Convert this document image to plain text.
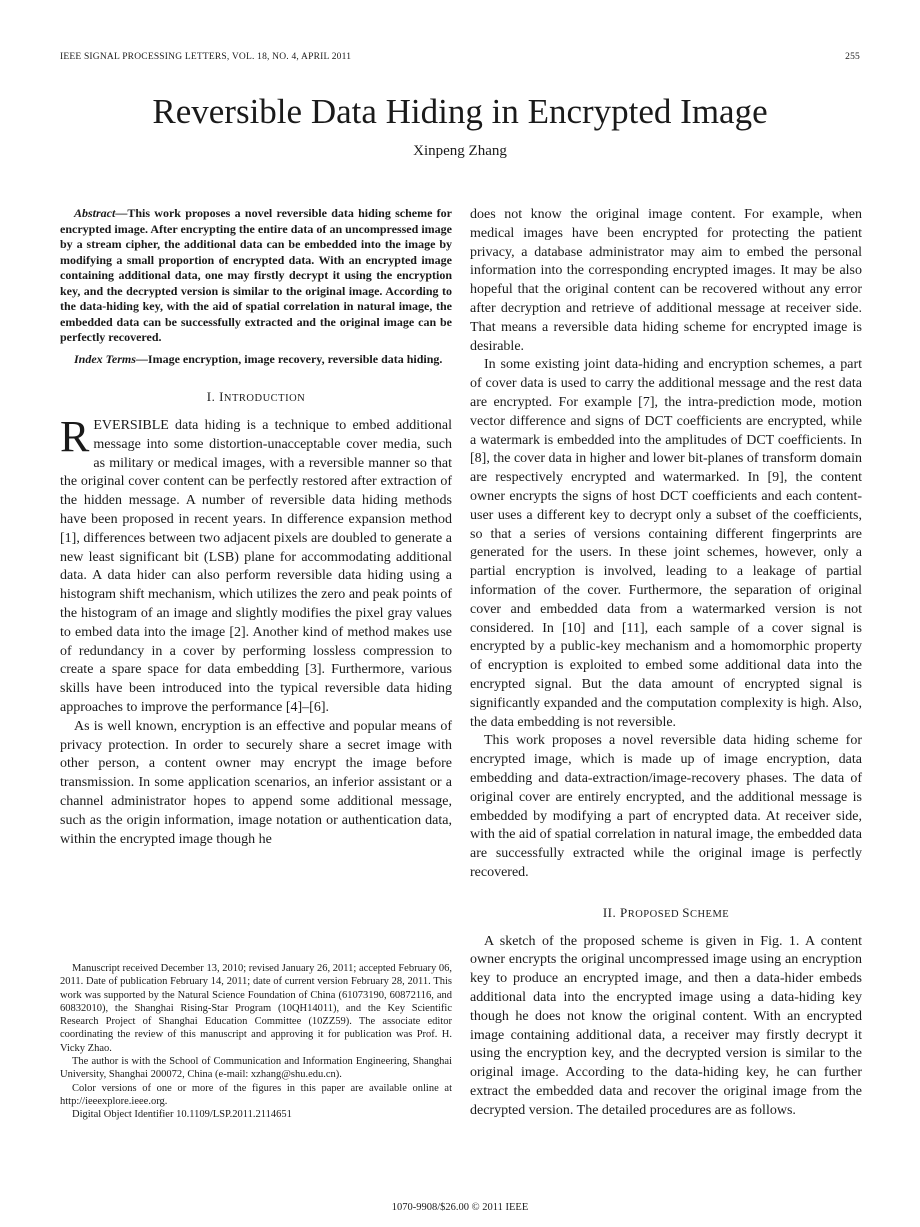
IEEE SIGNAL PROCESSING LETTERS, VOL. 18, NO. 4, APRIL 2011	255
Reversible Data Hiding in Encrypted Image
Xinpeng Zhang

Abstract—This work proposes a novel reversible data hiding scheme for encrypted image. After encrypting the entire data of an uncompressed image by a stream cipher, the additional data can be embedded into the image by modifying a small proportion of encrypted data. With an encrypted image containing additional data, one may firstly decrypt it using the encryption key, and the decrypted version is similar to the original image. According to the data-hiding key, with the aid of spatial correlation in natural image, the embedded data can be successfully extracted and the original image can be perfectly recovered.

Index Terms—Image encryption, image recovery, reversible data hiding.

I. INTRODUCTION

REVERSIBLE data hiding is a technique to embed additional message into some distortion-unacceptable cover media, such as military or medical images, with a reversible manner so that the original cover content can be perfectly restored after extraction of the hidden message. A number of reversible data hiding methods have been proposed in recent years. In difference expansion method [1], differences between two adjacent pixels are doubled to generate a new least significant bit (LSB) plane for accommodating additional data. A data hider can also perform reversible data hiding using a histogram shift mechanism, which utilizes the zero and peak points of the histogram of an image and slightly modifies the pixel gray values to embed data into the image [2]. Another kind of method makes use of redundancy in a cover by performing lossless compression to create a spare space for data embedding [3]. Furthermore, various skills have been introduced into the typical reversible data hiding approaches to improve the performance [4]–[6].

As is well known, encryption is an effective and popular means of privacy protection. In order to securely share a secret image with other person, a content owner may encrypt the image before transmission. In some application scenarios, an inferior assistant or a channel administrator hopes to append some additional message, such as the origin information, image notation or authentication data, within the encrypted image though he

Manuscript received December 13, 2010; revised January 26, 2011; accepted February 06, 2011. Date of publication February 14, 2011; date of current version February 28, 2011. This work was supported by the Natural Science Foundation of China (61073190, 60872116, and 60832010), the Shanghai Rising-Star Program (10QH14011), and the Key Scientific Research Project of Shanghai Education Committee (10ZZ59). The associate editor coordinating the review of this manuscript and approving it for publication was Prof. H. Vicky Zhao.

The author is with the School of Communication and Information Engineering, Shanghai University, Shanghai 200072, China (e-mail: xzhang@shu.edu.cn).

Color versions of one or more of the figures in this paper are available online at http://ieeexplore.ieee.org.

Digital Object Identifier 10.1109/LSP.2011.2114651

does not know the original image content. For example, when medical images have been encrypted for protecting the patient privacy, a database administrator may aim to embed the personal information into the corresponding encrypted images. It may be also hopeful that the original content can be recovered without any error after decryption and retrieve of additional message at receiver side. That means a reversible data hiding scheme for encrypted image is desirable.

In some existing joint data-hiding and encryption schemes, a part of cover data is used to carry the additional message and the rest data are encrypted. For example [7], the intra-prediction mode, motion vector difference and signs of DCT coefficients are encrypted, while a watermark is embedded into the amplitudes of DCT coefficients. In [8], the cover data in higher and lower bit-planes of transform domain are respectively encrypted and watermarked. In [9], the content owner encrypts the signs of host DCT coefficients and each content-user uses a different key to decrypt only a subset of the coefficients, so that a series of versions containing different fingerprints are generated for the users. In these joint schemes, however, only a partial encryption is involved, leading to a leakage of partial information of the cover. Furthermore, the separation of original cover and embedded data from a watermarked version is not considered. In [10] and [11], each sample of a cover signal is encrypted by a public-key mechanism and a homomorphic property of encryption is exploited to embed some additional data into the encrypted signal. But the data amount of encrypted signal is significantly expanded and the computation complexity is high. Also, the data embedding is not reversible.

This work proposes a novel reversible data hiding scheme for encrypted image, which is made up of image encryption, data embedding and data-extraction/image-recovery phases. The data of original cover are entirely encrypted, and the additional message is embedded by modifying a part of encrypted data. At receiver side, with the aid of spatial correlation in natural image, the embedded data are successfully extracted while the original image is perfectly recovered.

II. PROPOSED SCHEME

A sketch of the proposed scheme is given in Fig. 1. A content owner encrypts the original uncompressed image using an encryption key to produce an encrypted image, and then a data-hider embeds additional data into the encrypted image using a data-hiding key though he does not know the original content. With an encrypted image containing additional data, a receiver may firstly decrypt it using the encryption key, and the decrypted version is similar to the original image. According to the data-hiding key, he can further extract the embedded data and recover the original image from the decrypted version. The detailed procedures are as follows.

1070-9908/$26.00 © 2011 IEEE
